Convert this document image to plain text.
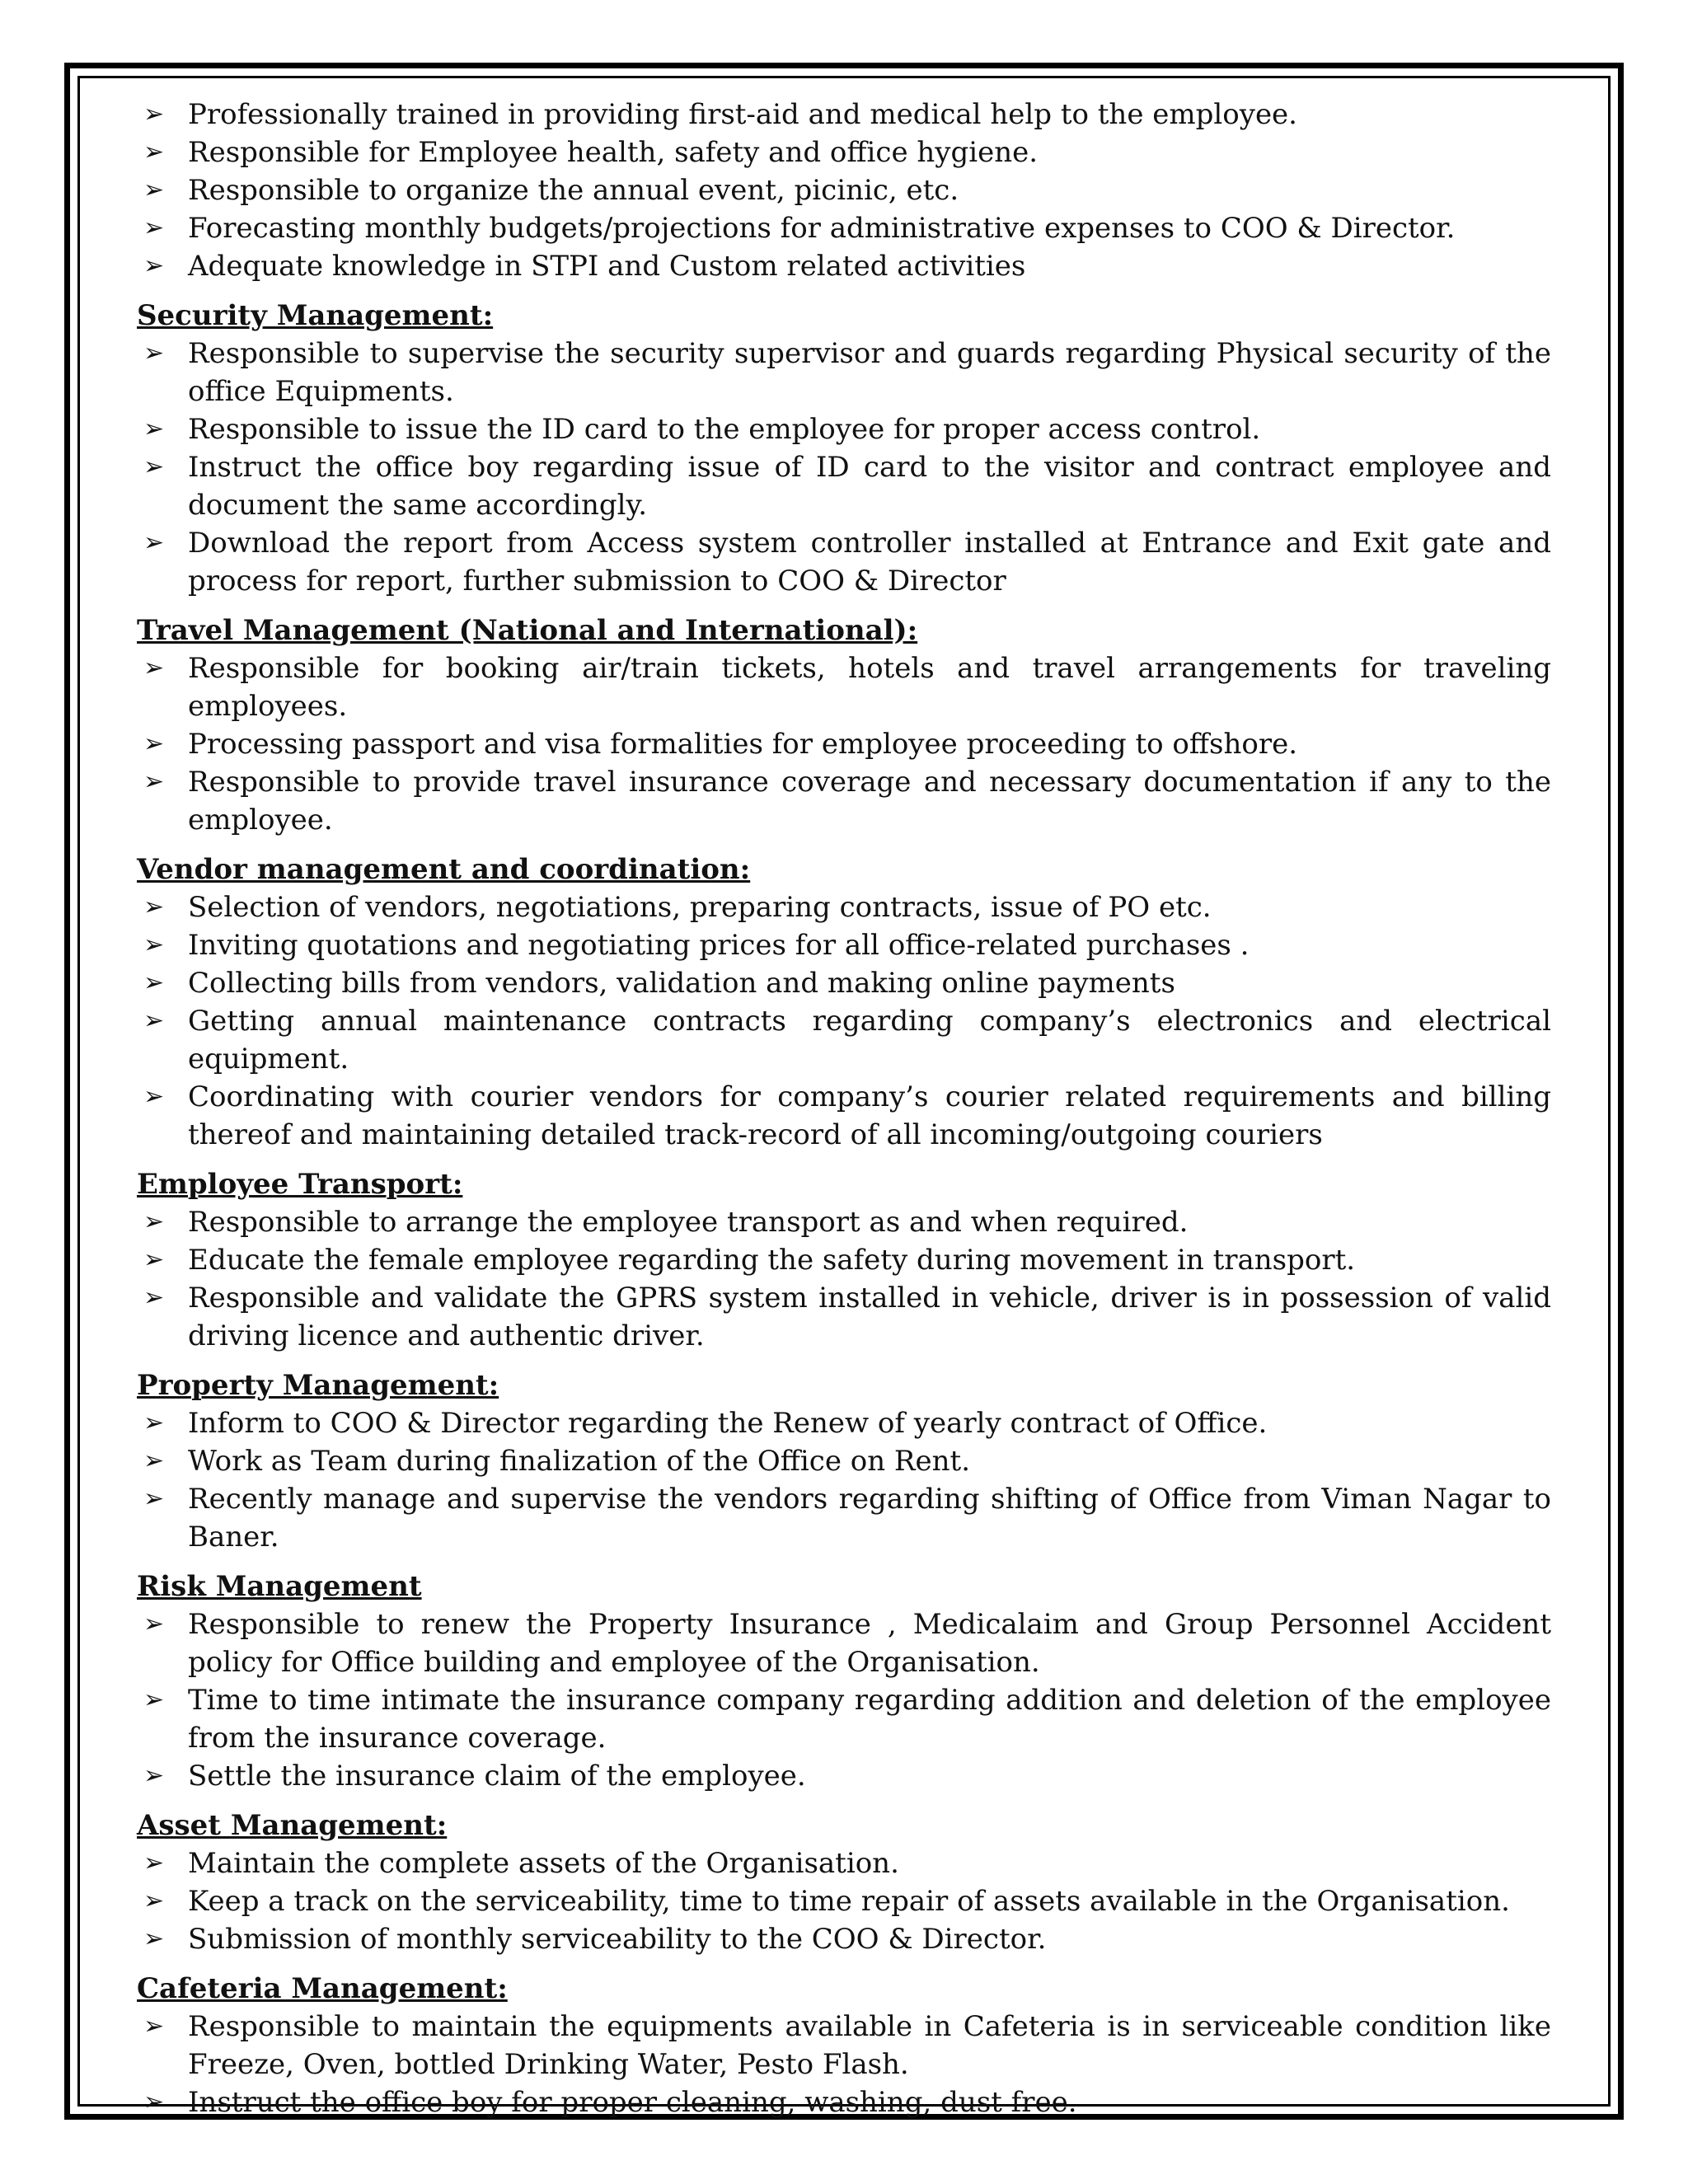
➢ Professionally trained in providing first-aid and medical help to the employee.
➢ Responsible for Employee health, safety and office hygiene.
➢ Responsible to organize the annual event, picinic, etc.
➢ Forecasting monthly budgets/projections for administrative expenses to COO & Director.
➢ Adequate knowledge in STPI and Custom related activities
Security Management:
➢ Responsible to supervise the security supervisor and guards regarding Physical security of the office Equipments.
➢ Responsible to issue the ID card to the employee for proper access control.
➢ Instruct the office boy regarding issue of ID card to the visitor and contract employee and document the same accordingly.
➢ Download the report from Access system controller installed at Entrance and Exit gate and process for report, further submission to COO & Director
Travel Management (National and International):
➢ Responsible for booking air/train tickets, hotels and travel arrangements for traveling employees.
➢ Processing passport and visa formalities for employee proceeding to offshore.
➢ Responsible to provide travel insurance coverage and necessary documentation if any to the employee.
Vendor management and coordination:
➢ Selection of vendors, negotiations, preparing contracts, issue of PO etc.
➢ Inviting quotations and negotiating prices for all office-related purchases .
➢ Collecting bills from vendors, validation and making online payments
➢ Getting annual maintenance contracts regarding company’s electronics and electrical equipment.
➢ Coordinating with courier vendors for company’s courier related requirements and billing thereof and maintaining detailed track-record of all incoming/outgoing couriers
Employee Transport:
➢ Responsible to arrange the employee transport as and when required.
➢ Educate the female employee regarding the safety during movement in transport.
➢ Responsible and validate the GPRS system installed in vehicle, driver is in possession of valid driving licence and authentic driver.
Property Management:
➢ Inform to COO & Director regarding the Renew of yearly contract of Office.
➢ Work as Team during finalization of the Office on Rent.
➢ Recently manage and supervise the vendors regarding shifting of Office from Viman Nagar to Baner.
Risk Management
➢ Responsible to renew the Property Insurance , Medicalaim and Group Personnel Accident policy for Office building and employee of the Organisation.
➢ Time to time intimate the insurance company regarding addition and deletion of the employee from the insurance coverage.
➢ Settle the insurance claim of the employee.
Asset Management:
➢ Maintain the complete assets of the Organisation.
➢ Keep a track on the serviceability, time to time repair of assets available in the Organisation.
➢ Submission of monthly serviceability to the COO & Director.
Cafeteria Management:
➢ Responsible to maintain the equipments available in Cafeteria is in serviceable condition like Freeze, Oven, bottled Drinking Water, Pesto Flash.
➢ Instruct the office boy for proper cleaning, washing, dust free.
